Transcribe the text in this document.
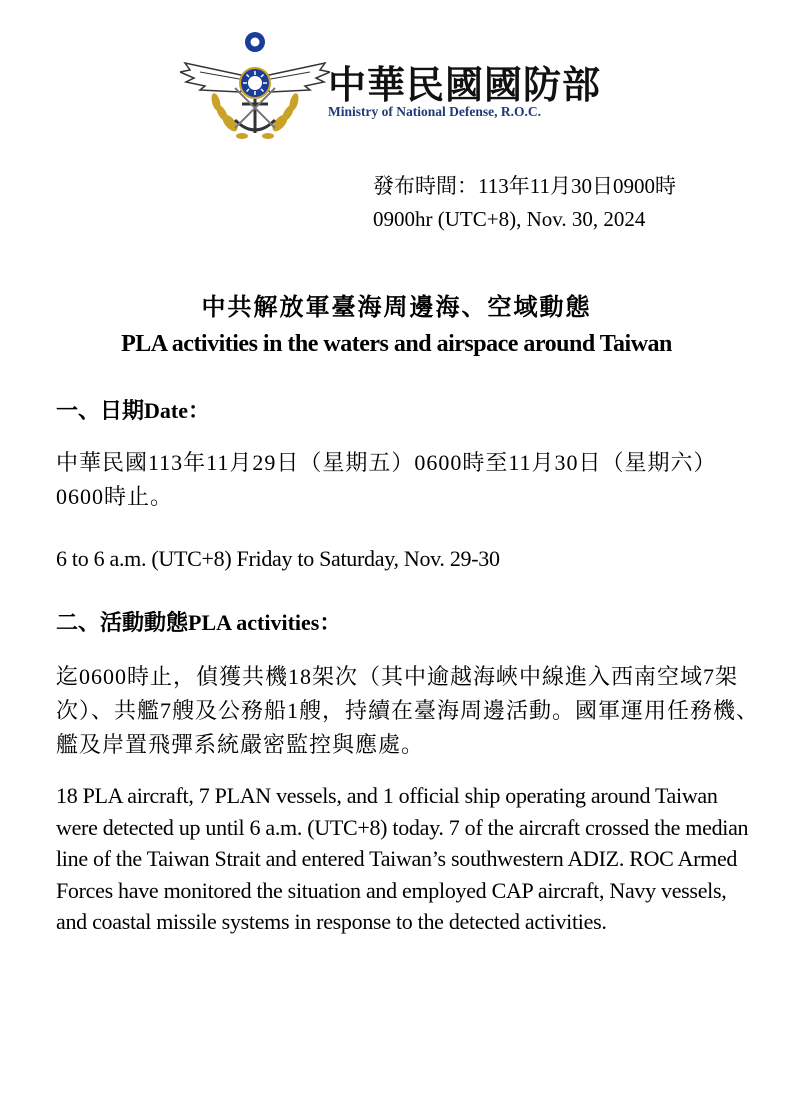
中華民國國防部
Ministry of National Defense, R.O.C.
發布時間：113年11月30日0900時
0900hr (UTC+8), Nov. 30, 2024
中共解放軍臺海周邊海、空域動態
PLA activities in the waters and airspace around Taiwan
一、日期Date：
中華民國113年11月29日（星期五）0600時至11月30日（星期六）0600時止。
6 to 6 a.m. (UTC+8) Friday to Saturday, Nov. 29-30
二、活動動態PLA activities：
迄0600時止，偵獲共機18架次（其中逾越海峽中線進入西南空域7架次）、共艦7艘及公務船1艘，持續在臺海周邊活動。國軍運用任務機、艦及岸置飛彈系統嚴密監控與應處。
18 PLA aircraft, 7 PLAN vessels, and 1 official ship operating around Taiwan were detected up until 6 a.m. (UTC+8) today. 7 of the aircraft crossed the median line of the Taiwan Strait and entered Taiwan’s southwestern ADIZ. ROC Armed Forces have monitored the situation and employed CAP aircraft, Navy vessels, and coastal missile systems in response to the detected activities.
